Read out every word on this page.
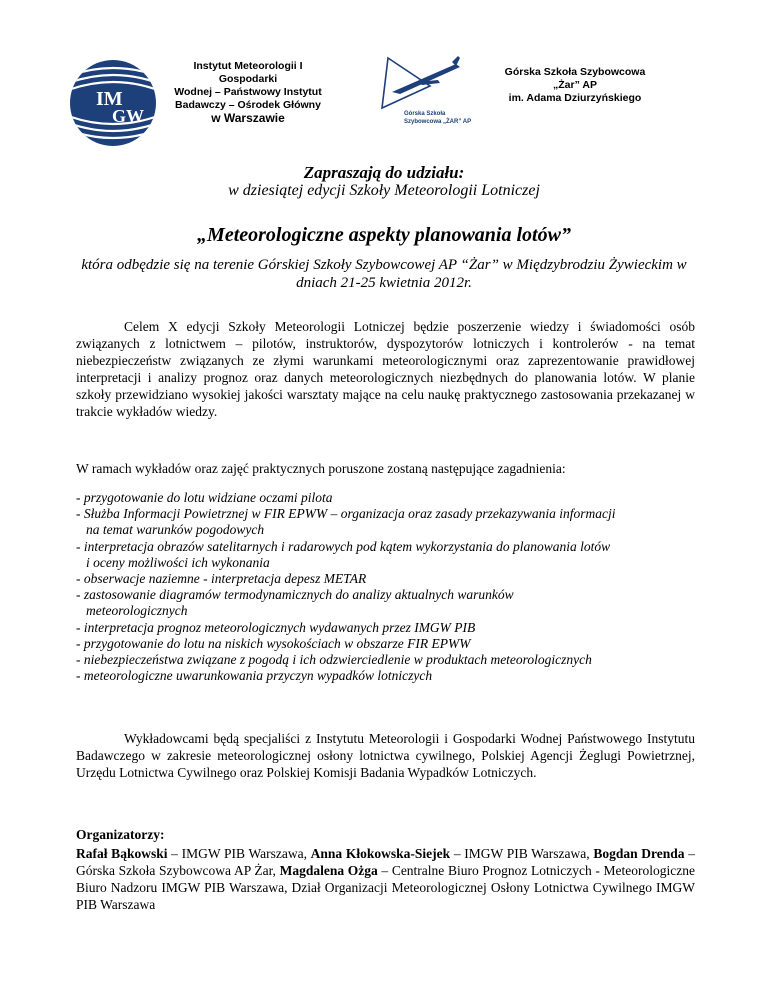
IM
GW
Instytut Meteorologii I Gospodarki
Wodnej – Państwowy Instytut
Badawczy – Ośrodek Główny
w Warszawie	Górska Szkoła
Szybowcowa „ŻAR” AP
Górska Szkoła Szybowcowa
„Żar” AP
im. Adama Dziurzyńskiego
Zapraszają do udziału:
w dziesiątej edycji Szkoły Meteorologii Lotniczej
„Meteorologiczne aspekty planowania lotów”
która odbędzie się na terenie Górskiej Szkoły Szybowcowej AP “Żar” w Międzybrodziu Żywieckim w dniach 21-25 kwietnia 2012r.
Celem X edycji Szkoły Meteorologii Lotniczej będzie poszerzenie wiedzy i świadomości osób związanych z lotnictwem – pilotów, instruktorów, dyspozytorów lotniczych i kontrolerów - na temat niebezpieczeństw związanych ze złymi warunkami meteorologicznymi oraz zaprezentowanie prawidłowej interpretacji i analizy prognoz oraz danych meteorologicznych niezbędnych do planowania lotów. W planie szkoły przewidziano wysokiej jakości warsztaty mające na celu naukę praktycznego zastosowania przekazanej w trakcie wykładów wiedzy.
W ramach wykładów oraz zajęć praktycznych poruszone zostaną następujące zagadnienia:
- przygotowanie do lotu widziane oczami pilota
- Służba Informacji Powietrznej w FIR EPWW – organizacja oraz zasady przekazywania informacji
na temat warunków pogodowych
- interpretacja obrazów satelitarnych i radarowych pod kątem wykorzystania do planowania lotów
i oceny możliwości ich wykonania
- obserwacje naziemne - interpretacja depesz METAR
- zastosowanie diagramów termodynamicznych do analizy aktualnych warunków
meteorologicznych
- interpretacja prognoz meteorologicznych wydawanych przez IMGW PIB
- przygotowanie do lotu na niskich wysokościach w obszarze FIR EPWW
- niebezpieczeństwa związane z pogodą i ich odzwierciedlenie w produktach meteorologicznych
- meteorologiczne uwarunkowania przyczyn wypadków lotniczych
Wykładowcami będą specjaliści z Instytutu Meteorologii i Gospodarki Wodnej Państwowego Instytutu Badawczego w zakresie meteorologicznej osłony lotnictwa cywilnego, Polskiej Agencji Żeglugi Powietrznej, Urzędu Lotnictwa Cywilnego oraz Polskiej Komisji Badania Wypadków Lotniczych.
Organizatorzy:
Rafał Bąkowski – IMGW PIB Warszawa, Anna Kłokowska-Siejek – IMGW PIB Warszawa, Bogdan Drenda – Górska Szkoła Szybowcowa AP Żar, Magdalena Ożga – Centralne Biuro Prognoz Lotniczych - Meteorologiczne Biuro Nadzoru IMGW PIB Warszawa, Dział Organizacji Meteorologicznej Osłony Lotnictwa Cywilnego IMGW PIB Warszawa
